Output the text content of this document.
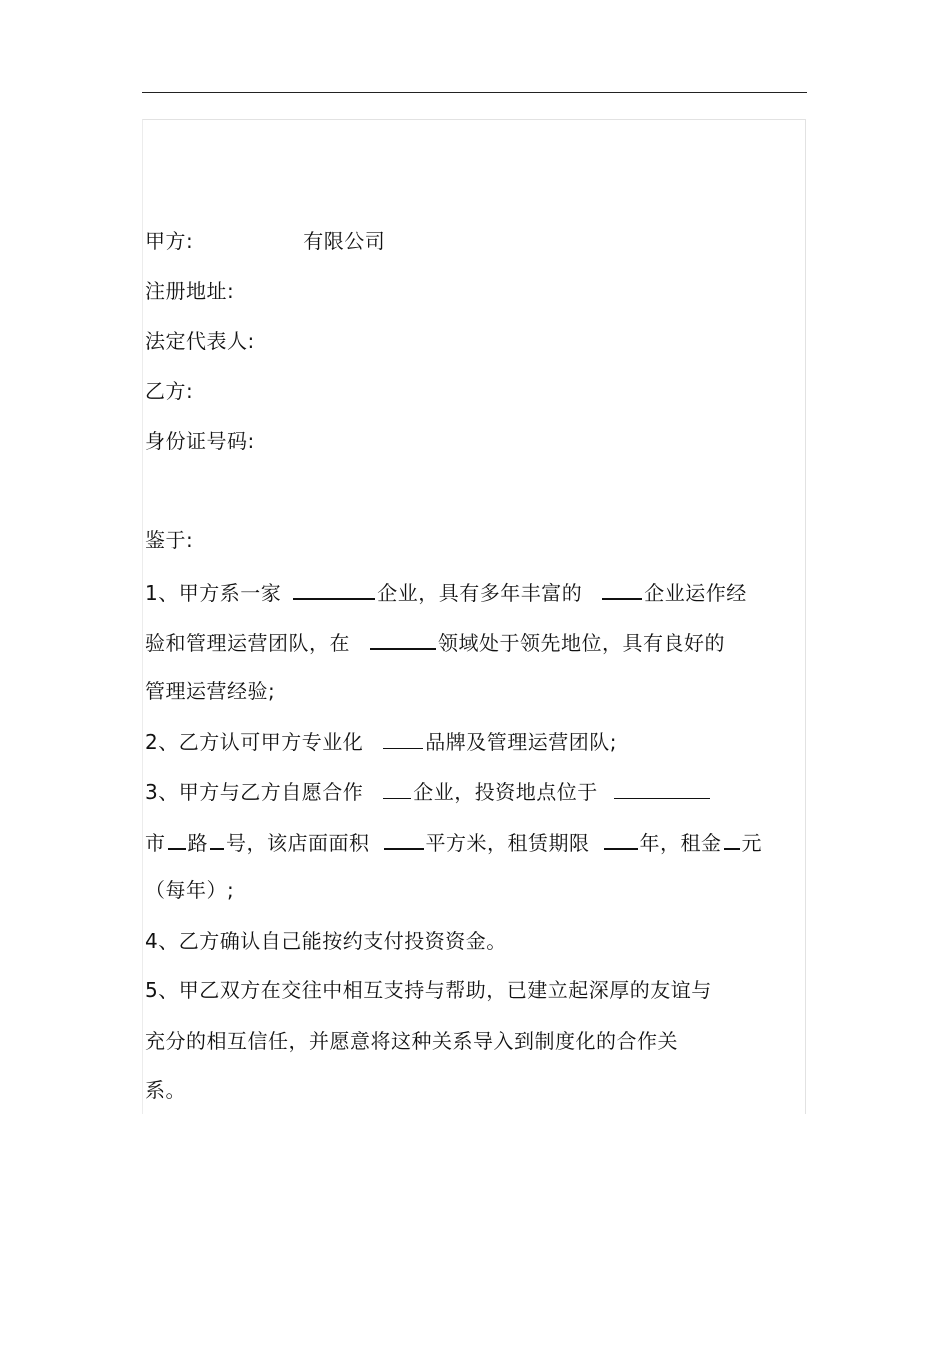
甲方:	有限公司
注册地址:
法定代表人:
乙方:
身份证号码:
鉴于:
1、甲方系一家	企业，具有多年丰富的	企业运作经
验和管理运营团队，在	领域处于领先地位，具有良好的
管理运营经验;
2、乙方认可甲方专业化	品牌及管理运营团队;
3、甲方与乙方自愿合作	企业，投资地点位于
市 路 号，该店面面积	平方米，租赁期限	年，租金 元
（每年）;
4、乙方确认自己能按约支付投资资金。
5、甲乙双方在交往中相互支持与帮助，已建立起深厚的友谊与
充分的相互信任，并愿意将这种关系导入到制度化的合作关
系。
